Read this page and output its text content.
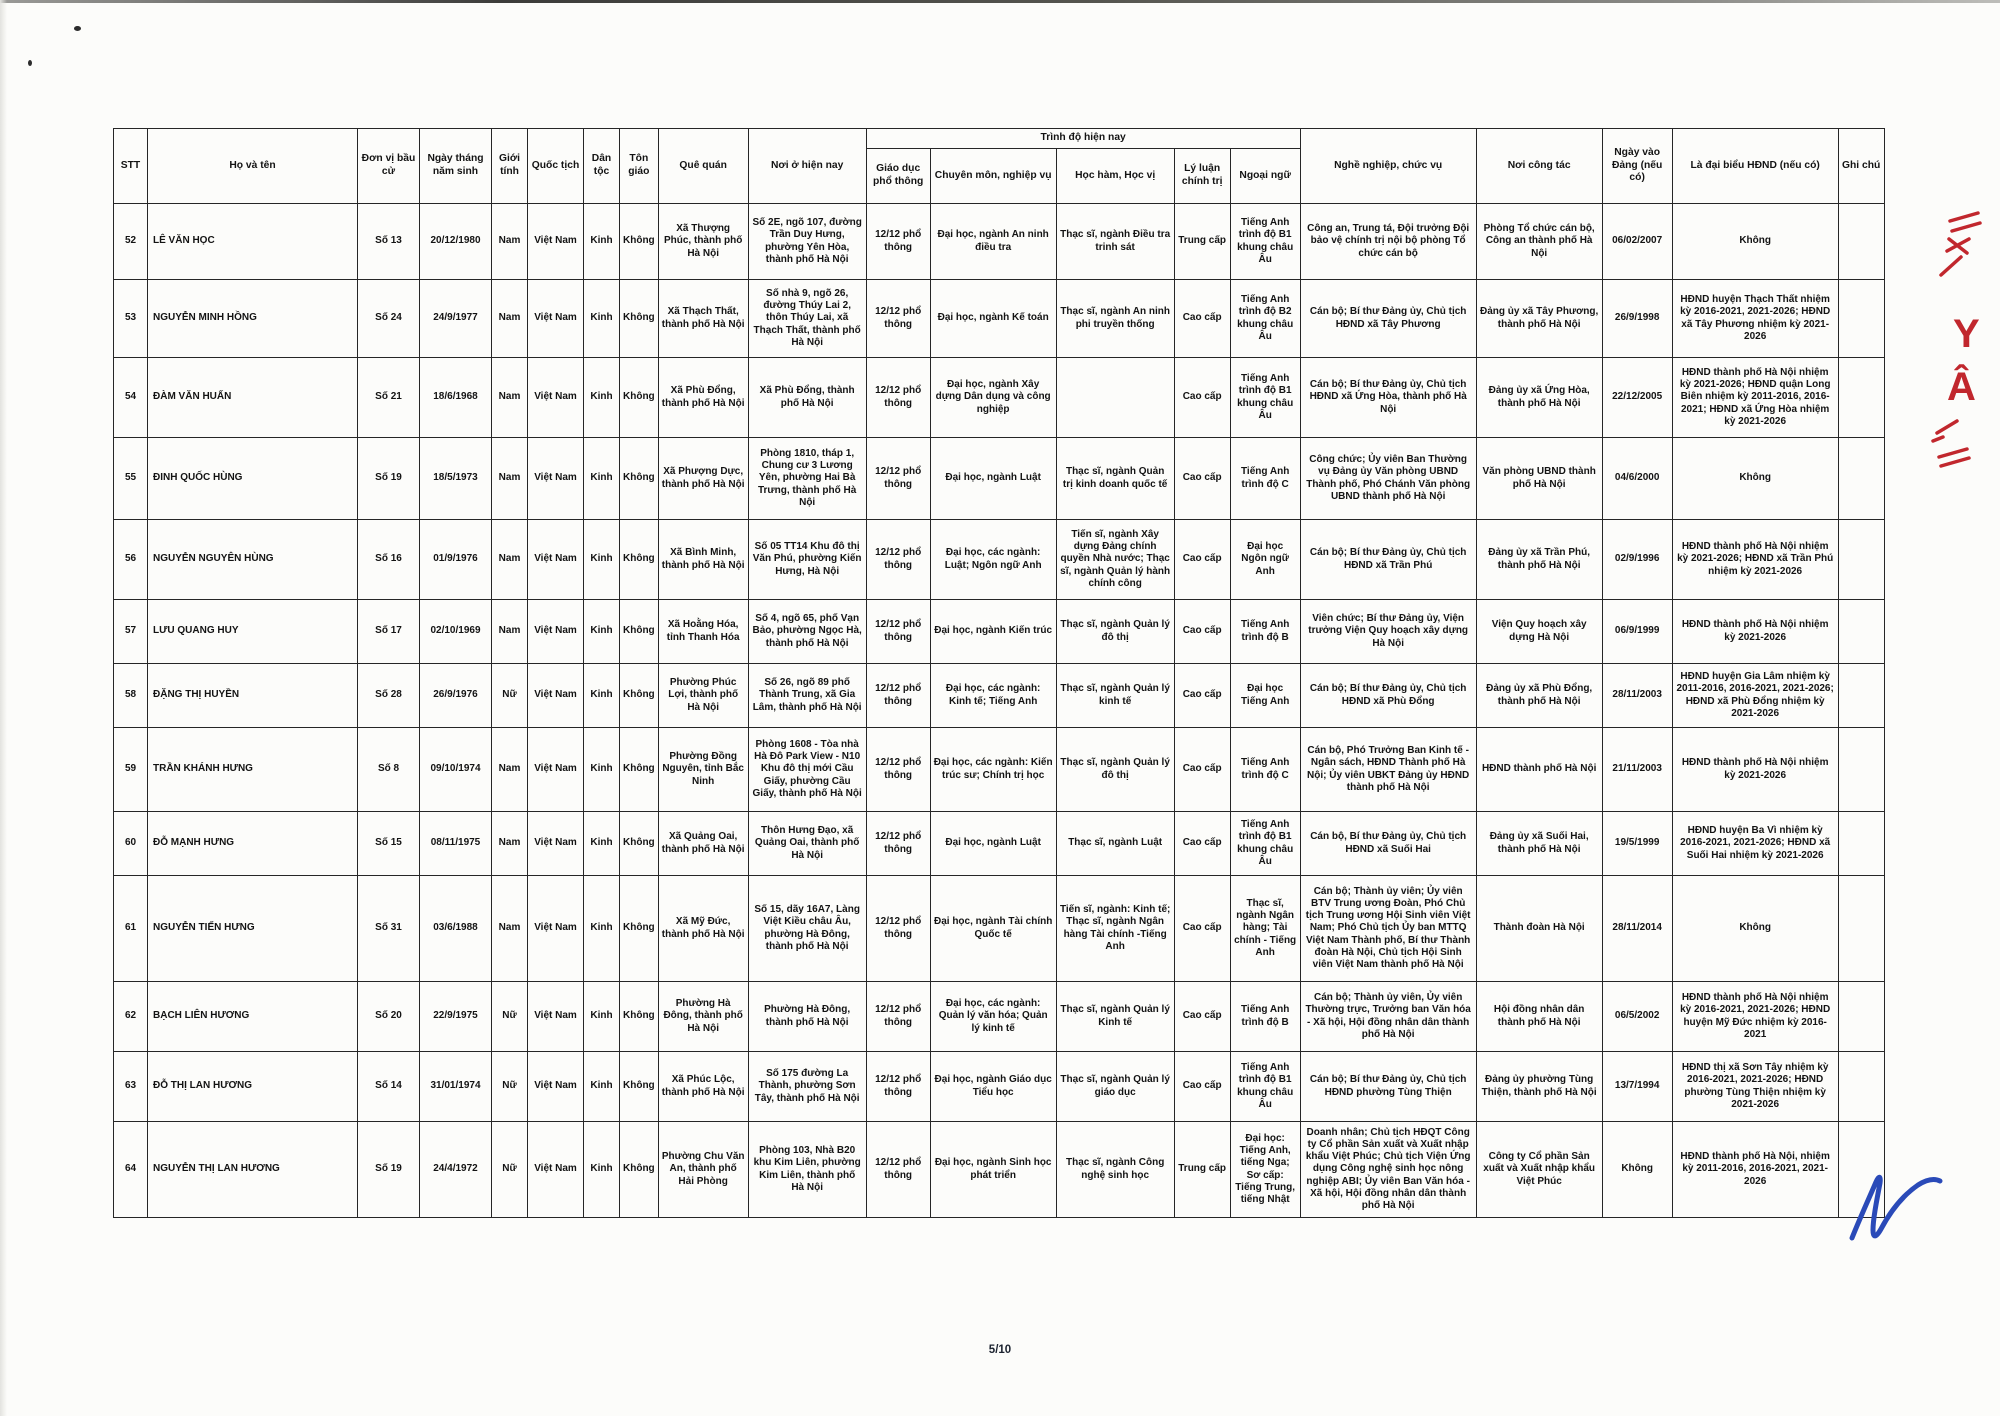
STT	Họ và tên	Đơn vị bầu cử	Ngày tháng năm sinh	Giới tính	Quốc tịch	Dân tộc	Tôn giáo	Quê quán	Nơi ở hiện nay	Trình độ hiện nay					Nghề nghiệp, chức vụ	Nơi công tác	Ngày vào Đảng (nếu có)	Là đại biểu HĐND (nếu có)	Ghi chú
										Giáo dục phổ thông	Chuyên môn, nghiệp vụ	Học hàm, Học vị	Lý luận chính trị	Ngoại ngữ					
52	LÊ VĂN HỌC	Số 13	20/12/1980	Nam	Việt Nam	Kinh	Không	Xã Thượng Phúc, thành phố Hà Nội	Số 2E, ngõ 107, đường Trần Duy Hưng, phường Yên Hòa, thành phố Hà Nội	12/12 phổ thông	Đại học, ngành An ninh điều tra	Thạc sĩ, ngành Điều tra trinh sát	Trung cấp	Tiếng Anh trình độ B1 khung châu Âu	Công an, Trung tá, Đội trưởng Đội bảo vệ chính trị nội bộ phòng Tổ chức cán bộ	Phòng Tổ chức cán bộ, Công an thành phố Hà Nội	06/02/2007	Không	
53	NGUYỄN MINH HỒNG	Số 24	24/9/1977	Nam	Việt Nam	Kinh	Không	Xã Thạch Thất, thành phố Hà Nội	Số nhà 9, ngõ 26, đường Thúy Lai 2, thôn Thúy Lai, xã Thạch Thất, thành phố Hà Nội	12/12 phổ thông	Đại học, ngành Kế toán	Thạc sĩ, ngành An ninh phi truyền thống	Cao cấp	Tiếng Anh trình độ B2 khung châu Âu	Cán bộ; Bí thư Đảng ủy, Chủ tịch HĐND xã Tây Phương	Đảng ủy xã Tây Phương, thành phố Hà Nội	26/9/1998	HĐND huyện Thạch Thất nhiệm kỳ 2016-2021, 2021-2026; HĐND xã Tây Phương nhiệm kỳ 2021-2026	
54	ĐÀM VĂN HUẤN	Số 21	18/6/1968	Nam	Việt Nam	Kinh	Không	Xã Phù Đổng, thành phố Hà Nội	Xã Phù Đổng, thành phố Hà Nội	12/12 phổ thông	Đại học, ngành Xây dựng Dân dụng và công nghiệp		Cao cấp	Tiếng Anh trình độ B1 khung châu Âu	Cán bộ; Bí thư Đảng ủy, Chủ tịch HĐND xã Ứng Hòa, thành phố Hà Nội	Đảng ủy xã Ứng Hòa, thành phố Hà Nội	22/12/2005	HĐND thành phố Hà Nội nhiệm kỳ 2021-2026; HĐND quận Long Biên nhiệm kỳ 2011-2016, 2016-2021; HĐND xã Ứng Hòa nhiệm kỳ 2021-2026	
55	ĐINH QUỐC HÙNG	Số 19	18/5/1973	Nam	Việt Nam	Kinh	Không	Xã Phượng Dực, thành phố Hà Nội	Phòng 1810, tháp 1, Chung cư 3 Lương Yên, phường Hai Bà Trưng, thành phố Hà Nội	12/12 phổ thông	Đại học, ngành Luật	Thạc sĩ, ngành Quản trị kinh doanh quốc tế	Cao cấp	Tiếng Anh trình độ C	Công chức; Ủy viên Ban Thường vụ Đảng ủy Văn phòng UBND Thành phố, Phó Chánh Văn phòng UBND thành phố Hà Nội	Văn phòng UBND thành phố Hà Nội	04/6/2000	Không	
56	NGUYỄN NGUYÊN HÙNG	Số 16	01/9/1976	Nam	Việt Nam	Kinh	Không	Xã Bình Minh, thành phố Hà Nội	Số 05 TT14 Khu đô thị Văn Phú, phường Kiến Hưng, Hà Nội	12/12 phổ thông	Đại học, các ngành: Luật; Ngôn ngữ Anh	Tiến sĩ, ngành Xây dựng Đảng chính quyền Nhà nước; Thạc sĩ, ngành Quản lý hành chính công	Cao cấp	Đại học Ngôn ngữ Anh	Cán bộ; Bí thư Đảng ủy, Chủ tịch HĐND xã Trần Phú	Đảng ủy xã Trần Phú, thành phố Hà Nội	02/9/1996	HĐND thành phố Hà Nội nhiệm kỳ 2021-2026; HĐND xã Trần Phú nhiệm kỳ 2021-2026	
57	LƯU QUANG HUY	Số 17	02/10/1969	Nam	Việt Nam	Kinh	Không	Xã Hoằng Hóa, tỉnh Thanh Hóa	Số 4, ngõ 65, phố Vạn Bảo, phường Ngọc Hà, thành phố Hà Nội	12/12 phổ thông	Đại học, ngành Kiến trúc	Thạc sĩ, ngành Quản lý đô thị	Cao cấp	Tiếng Anh trình độ B	Viên chức; Bí thư Đảng ủy, Viện trưởng Viện Quy hoạch xây dựng Hà Nội	Viện Quy hoạch xây dựng Hà Nội	06/9/1999	HĐND thành phố Hà Nội nhiệm kỳ 2021-2026	
58	ĐẶNG THỊ HUYỀN	Số 28	26/9/1976	Nữ	Việt Nam	Kinh	Không	Phường Phúc Lợi, thành phố Hà Nội	Số 26, ngõ 89 phố Thành Trung, xã Gia Lâm, thành phố Hà Nội	12/12 phổ thông	Đại học, các ngành: Kinh tế; Tiếng Anh	Thạc sĩ, ngành Quản lý kinh tế	Cao cấp	Đại học Tiếng Anh	Cán bộ; Bí thư Đảng ủy, Chủ tịch HĐND xã Phù Đổng	Đảng ủy xã Phù Đổng, thành phố Hà Nội	28/11/2003	HĐND huyện Gia Lâm nhiệm kỳ 2011-2016, 2016-2021, 2021-2026; HĐND xã Phù Đổng nhiệm kỳ 2021-2026	
59	TRẦN KHÁNH HƯNG	Số 8	09/10/1974	Nam	Việt Nam	Kinh	Không	Phường Đồng Nguyên, tỉnh Bắc Ninh	Phòng 1608 - Tòa nhà Hà Đô Park View - N10 Khu đô thị mới Cầu Giấy, phường Cầu Giấy, thành phố Hà Nội	12/12 phổ thông	Đại học, các ngành: Kiến trúc sư; Chính trị học	Thạc sĩ, ngành Quản lý đô thị	Cao cấp	Tiếng Anh trình độ C	Cán bộ, Phó Trưởng Ban Kinh tế - Ngân sách, HĐND Thành phố Hà Nội; Ủy viên UBKT Đảng ủy HĐND thành phố Hà Nội	HĐND thành phố Hà Nội	21/11/2003	HĐND thành phố Hà Nội nhiệm kỳ 2021-2026	
60	ĐỖ MẠNH HƯNG	Số 15	08/11/1975	Nam	Việt Nam	Kinh	Không	Xã Quảng Oai, thành phố Hà Nội	Thôn Hưng Đạo, xã Quảng Oai, thành phố Hà Nội	12/12 phổ thông	Đại học, ngành Luật	Thạc sĩ, ngành Luật	Cao cấp	Tiếng Anh trình độ B1 khung châu Âu	Cán bộ, Bí thư Đảng ủy, Chủ tịch HĐND xã Suối Hai	Đảng ủy xã Suối Hai, thành phố Hà Nội	19/5/1999	HĐND huyện Ba Vì nhiệm kỳ 2016-2021, 2021-2026; HĐND xã Suối Hai nhiệm kỳ 2021-2026	
61	NGUYỄN TIẾN HƯNG	Số 31	03/6/1988	Nam	Việt Nam	Kinh	Không	Xã Mỹ Đức, thành phố Hà Nội	Số 15, dãy 16A7, Làng Việt Kiều châu Âu, phường Hà Đông, thành phố Hà Nội	12/12 phổ thông	Đại học, ngành Tài chính Quốc tế	Tiến sĩ, ngành: Kinh tế; Thạc sĩ, ngành Ngân hàng Tài chính -Tiếng Anh	Cao cấp	Thạc sĩ, ngành Ngân hàng; Tài chính - Tiếng Anh	Cán bộ; Thành ủy viên; Ủy viên BTV Trung ương Đoàn, Phó Chủ tịch Trung ương Hội Sinh viên Việt Nam; Phó Chủ tịch Ủy ban MTTQ Việt Nam Thành phố, Bí thư Thành đoàn Hà Nội, Chủ tịch Hội Sinh viên Việt Nam thành phố Hà Nội	Thành đoàn Hà Nội	28/11/2014	Không	
62	BẠCH LIÊN HƯƠNG	Số 20	22/9/1975	Nữ	Việt Nam	Kinh	Không	Phường Hà Đông, thành phố Hà Nội	Phường Hà Đông, thành phố Hà Nội	12/12 phổ thông	Đại học, các ngành: Quản lý văn hóa; Quản lý kinh tế	Thạc sĩ, ngành Quản lý Kinh tế	Cao cấp	Tiếng Anh trình độ B	Cán bộ; Thành ủy viên, Ủy viên Thường trực, Trưởng ban Văn hóa - Xã hội, Hội đồng nhân dân thành phố Hà Nội	Hội đồng nhân dân thành phố Hà Nội	06/5/2002	HĐND thành phố Hà Nội nhiệm kỳ 2016-2021, 2021-2026; HĐND huyện Mỹ Đức nhiệm kỳ 2016-2021	
63	ĐỖ THỊ LAN HƯƠNG	Số 14	31/01/1974	Nữ	Việt Nam	Kinh	Không	Xã Phúc Lộc, thành phố Hà Nội	Số 175 đường La Thành, phường Sơn Tây, thành phố Hà Nội	12/12 phổ thông	Đại học, ngành Giáo dục Tiểu học	Thạc sĩ, ngành Quản lý giáo dục	Cao cấp	Tiếng Anh trình độ B1 khung châu Âu	Cán bộ; Bí thư Đảng ủy, Chủ tịch HĐND phường Tùng Thiện	Đảng ủy phường Tùng Thiện, thành phố Hà Nội	13/7/1994	HĐND thị xã Sơn Tây nhiệm kỳ 2016-2021, 2021-2026; HĐND phường Tùng Thiện nhiệm kỳ 2021-2026	
64	NGUYỄN THỊ LAN HƯƠNG	Số 19	24/4/1972	Nữ	Việt Nam	Kinh	Không	Phường Chu Văn An, thành phố Hải Phòng	Phòng 103, Nhà B20 khu Kim Liên, phường Kim Liên, thành phố Hà Nội	12/12 phổ thông	Đại học, ngành Sinh học phát triển	Thạc sĩ, ngành Công nghệ sinh học	Trung cấp	Đại học: Tiếng Anh, tiếng Nga; Sơ cấp: Tiếng Trung, tiếng Nhật	Doanh nhân; Chủ tịch HĐQT Công ty Cổ phần Sản xuất và Xuất nhập khẩu Việt Phúc; Chủ tịch Viện Ứng dụng Công nghệ sinh học nông nghiệp ABI; Ủy viên Ban Văn hóa - Xã hội, Hội đồng nhân dân thành phố Hà Nội	Công ty Cổ phần Sản xuất và Xuất nhập khẩu Việt Phúc	Không	HĐND thành phố Hà Nội, nhiệm kỳ 2011-2016, 2016-2021, 2021-2026	
Y
Â
5/10
